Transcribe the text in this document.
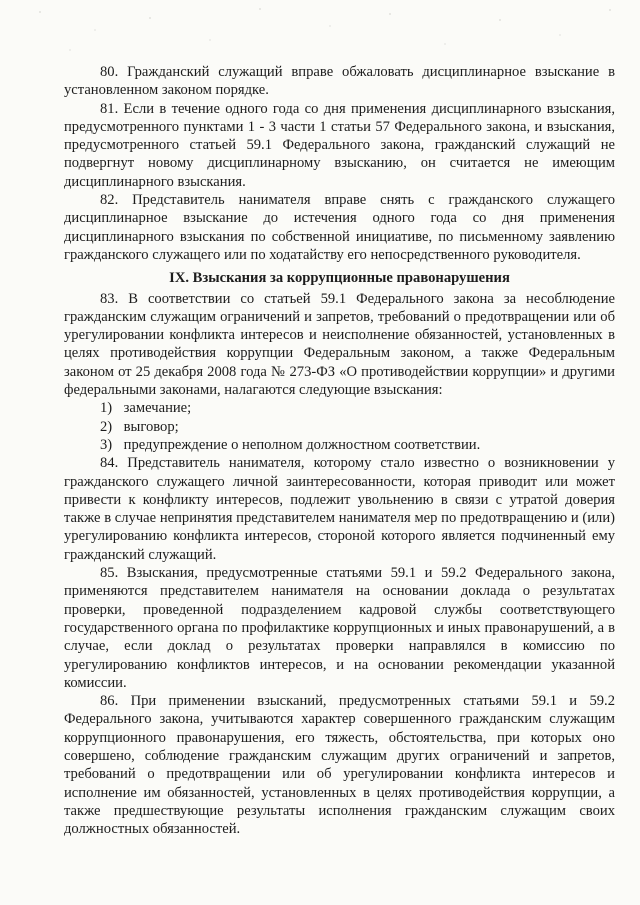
80. Гражданский служащий вправе обжаловать дисциплинарное взыскание в установленном законом порядке.

81. Если в течение одного года со дня применения дисциплинарного взыскания, предусмотренного пунктами 1 - 3 части 1 статьи 57 Федерального закона, и взыскания, предусмотренного статьей 59.1 Федерального закона, гражданский служащий не подвергнут новому дисциплинарному взысканию, он считается не имеющим дисциплинарного взыскания.

82. Представитель нанимателя вправе снять с гражданского служащего дисциплинарное взыскание до истечения одного года со дня применения дисциплинарного взыскания по собственной инициативе, по письменному заявлению гражданского служащего или по ходатайству его непосредственного руководителя.

IX. Взыскания за коррупционные правонарушения

83. В соответствии со статьей 59.1 Федерального закона за несоблюдение гражданским служащим ограничений и запретов, требований о предотвращении или об урегулировании конфликта интересов и неисполнение обязанностей, установленных в целях противодействия коррупции Федеральным законом, а также Федеральным законом от 25 декабря 2008 года № 273-ФЗ «О противодействии коррупции» и другими федеральными законами, налагаются следующие взыскания:

1) замечание;
2) выговор;
3) предупреждение о неполном должностном соответствии.

84. Представитель нанимателя, которому стало известно о возникновении у гражданского служащего личной заинтересованности, которая приводит или может привести к конфликту интересов, подлежит увольнению в связи с утратой доверия также в случае непринятия представителем нанимателя мер по предотвращению и (или) урегулированию конфликта интересов, стороной которого является подчиненный ему гражданский служащий.

85. Взыскания, предусмотренные статьями 59.1 и 59.2 Федерального закона, применяются представителем нанимателя на основании доклада о результатах проверки, проведенной подразделением кадровой службы соответствующего государственного органа по профилактике коррупционных и иных правонарушений, а в случае, если доклад о результатах проверки направлялся в комиссию по урегулированию конфликтов интересов, и на основании рекомендации указанной комиссии.

86. При применении взысканий, предусмотренных статьями 59.1 и 59.2 Федерального закона, учитываются характер совершенного гражданским служащим коррупционного правонарушения, его тяжесть, обстоятельства, при которых оно совершено, соблюдение гражданским служащим других ограничений и запретов, требований о предотвращении или об урегулировании конфликта интересов и исполнение им обязанностей, установленных в целях противодействия коррупции, а также предшествующие результаты исполнения гражданским служащим своих должностных обязанностей.
